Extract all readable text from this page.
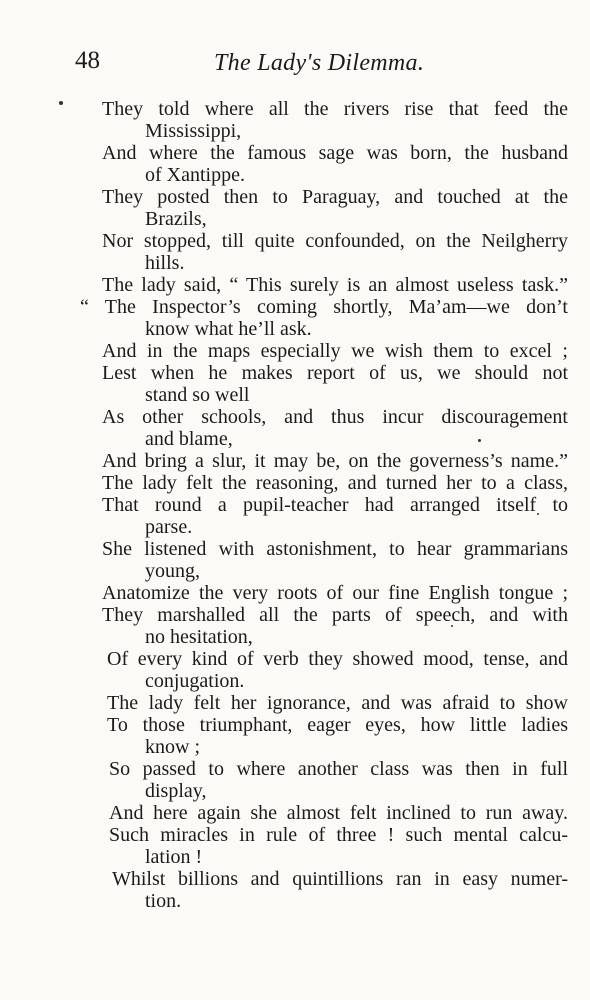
48	The Lady's Dilemma.
They told where all the rivers rise that feed the
Mississippi,
And where the famous sage was born, the husband
of Xantippe.
They posted then to Paraguay, and touched at the
Brazils,
Nor stopped, till quite confounded, on the Neilgherry
hills.
The lady said, “ This surely is an almost useless task.”
“ The Inspector’s coming shortly, Ma’am—we don’t
know what he’ll ask.
And in the maps especially we wish them to excel ;
Lest when he makes report of us, we should not
stand so well
As other schools, and thus incur discouragement
and blame,
And bring a slur, it may be, on the governess’s name.”
The lady felt the reasoning, and turned her to a class,
That round a pupil-teacher had arranged itself to
parse.
She listened with astonishment, to hear grammarians
young,
Anatomize the very roots of our fine English tongue ;
They marshalled all the parts of speech, and with
no hesitation,
Of every kind of verb they showed mood, tense, and
conjugation.
The lady felt her ignorance, and was afraid to show
To those triumphant, eager eyes, how little ladies
know ;
So passed to where another class was then in full
display,
And here again she almost felt inclined to run away.
Such miracles in rule of three ! such mental calcu-
lation !
Whilst billions and quintillions ran in easy numer-
tion.
